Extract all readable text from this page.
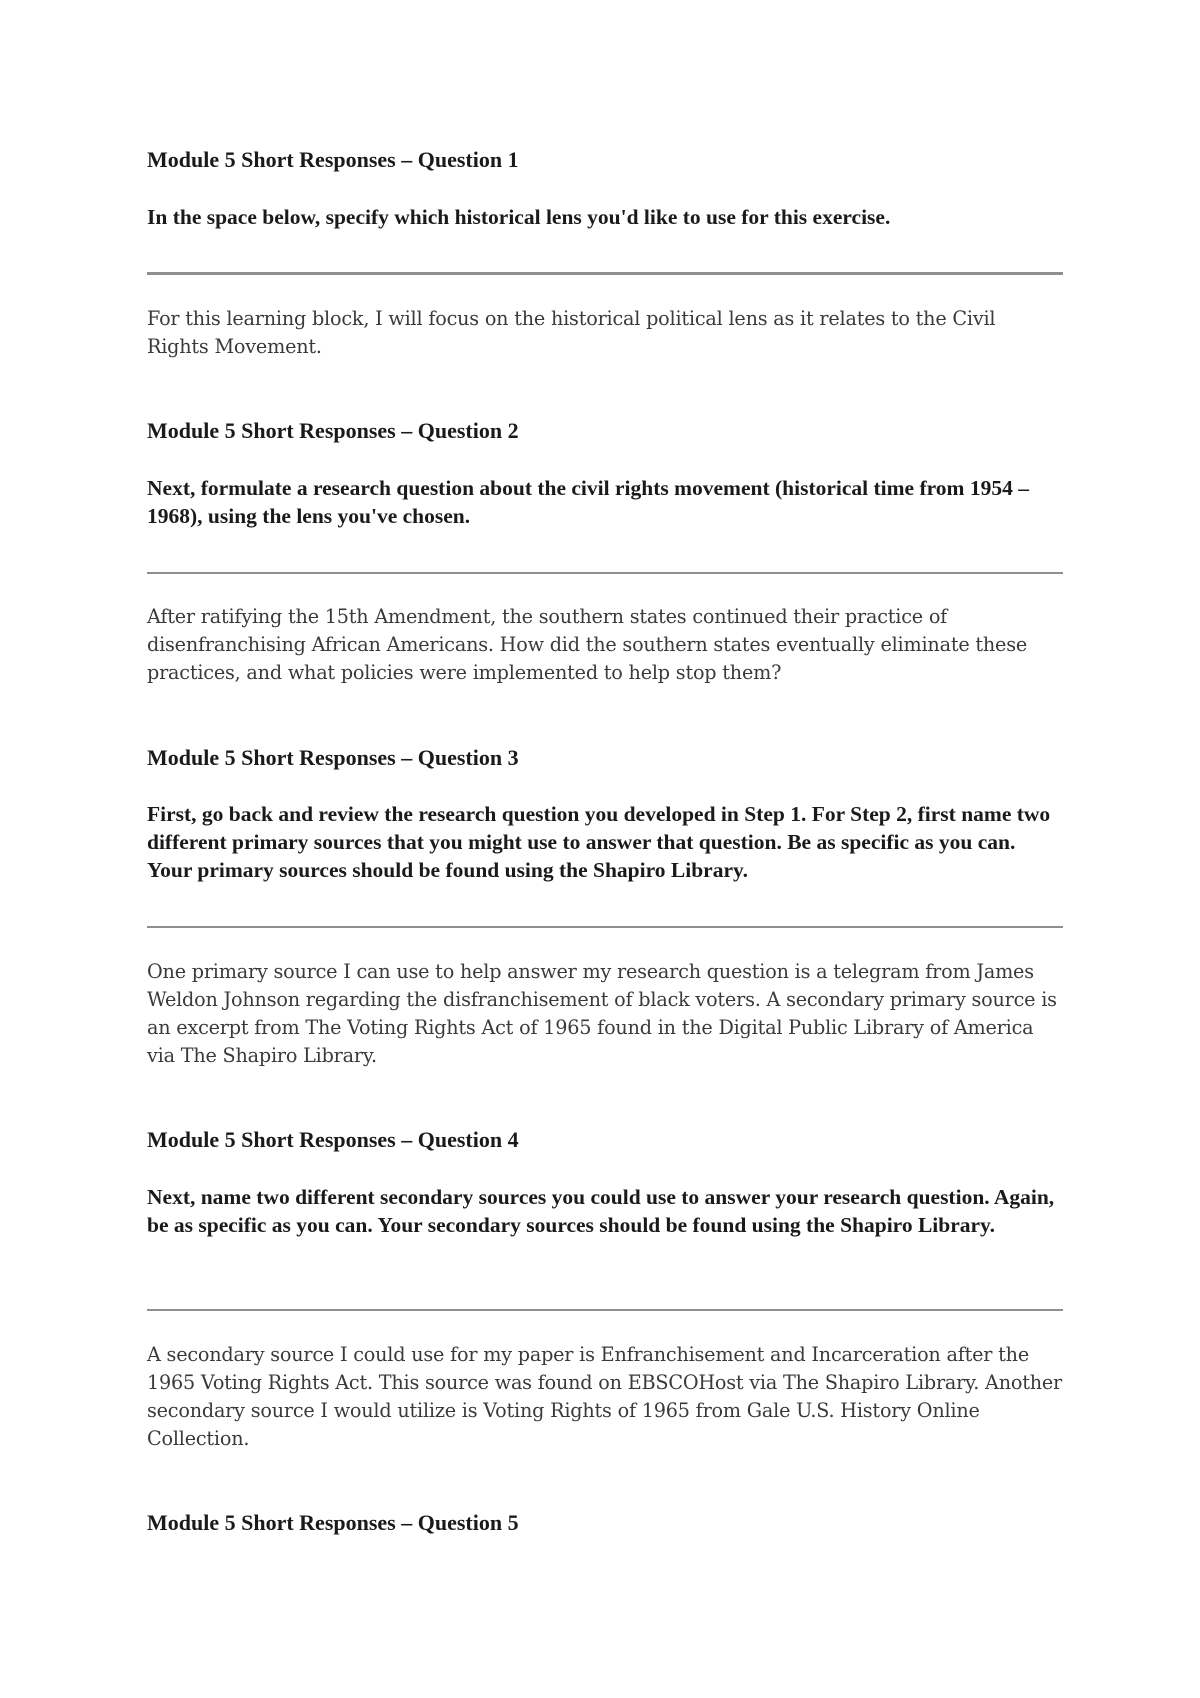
Module 5 Short Responses – Question 1
In the space below, specify which historical lens you'd like to use for this exercise.
For this learning block, I will focus on the historical political lens as it relates to the Civil Rights Movement.
Module 5 Short Responses – Question 2
Next, formulate a research question about the civil rights movement (historical time from 1954 – 1968), using the lens you've chosen.
After ratifying the 15th Amendment, the southern states continued their practice of disenfranchising African Americans. How did the southern states eventually eliminate these practices, and what policies were implemented to help stop them?
Module 5 Short Responses – Question 3
First, go back and review the research question you developed in Step 1. For Step 2, first name two different primary sources that you might use to answer that question. Be as specific as you can. Your primary sources should be found using the Shapiro Library.
One primary source I can use to help answer my research question is a telegram from James Weldon Johnson regarding the disfranchisement of black voters. A secondary primary source is an excerpt from The Voting Rights Act of 1965 found in the Digital Public Library of America via The Shapiro Library.
Module 5 Short Responses – Question 4
Next, name two different secondary sources you could use to answer your research question. Again, be as specific as you can. Your secondary sources should be found using the Shapiro Library.
A secondary source I could use for my paper is Enfranchisement and Incarceration after the 1965 Voting Rights Act. This source was found on EBSCOHost via The Shapiro Library. Another secondary source I would utilize is Voting Rights of 1965 from Gale U.S. History Online Collection.
Module 5 Short Responses – Question 5
